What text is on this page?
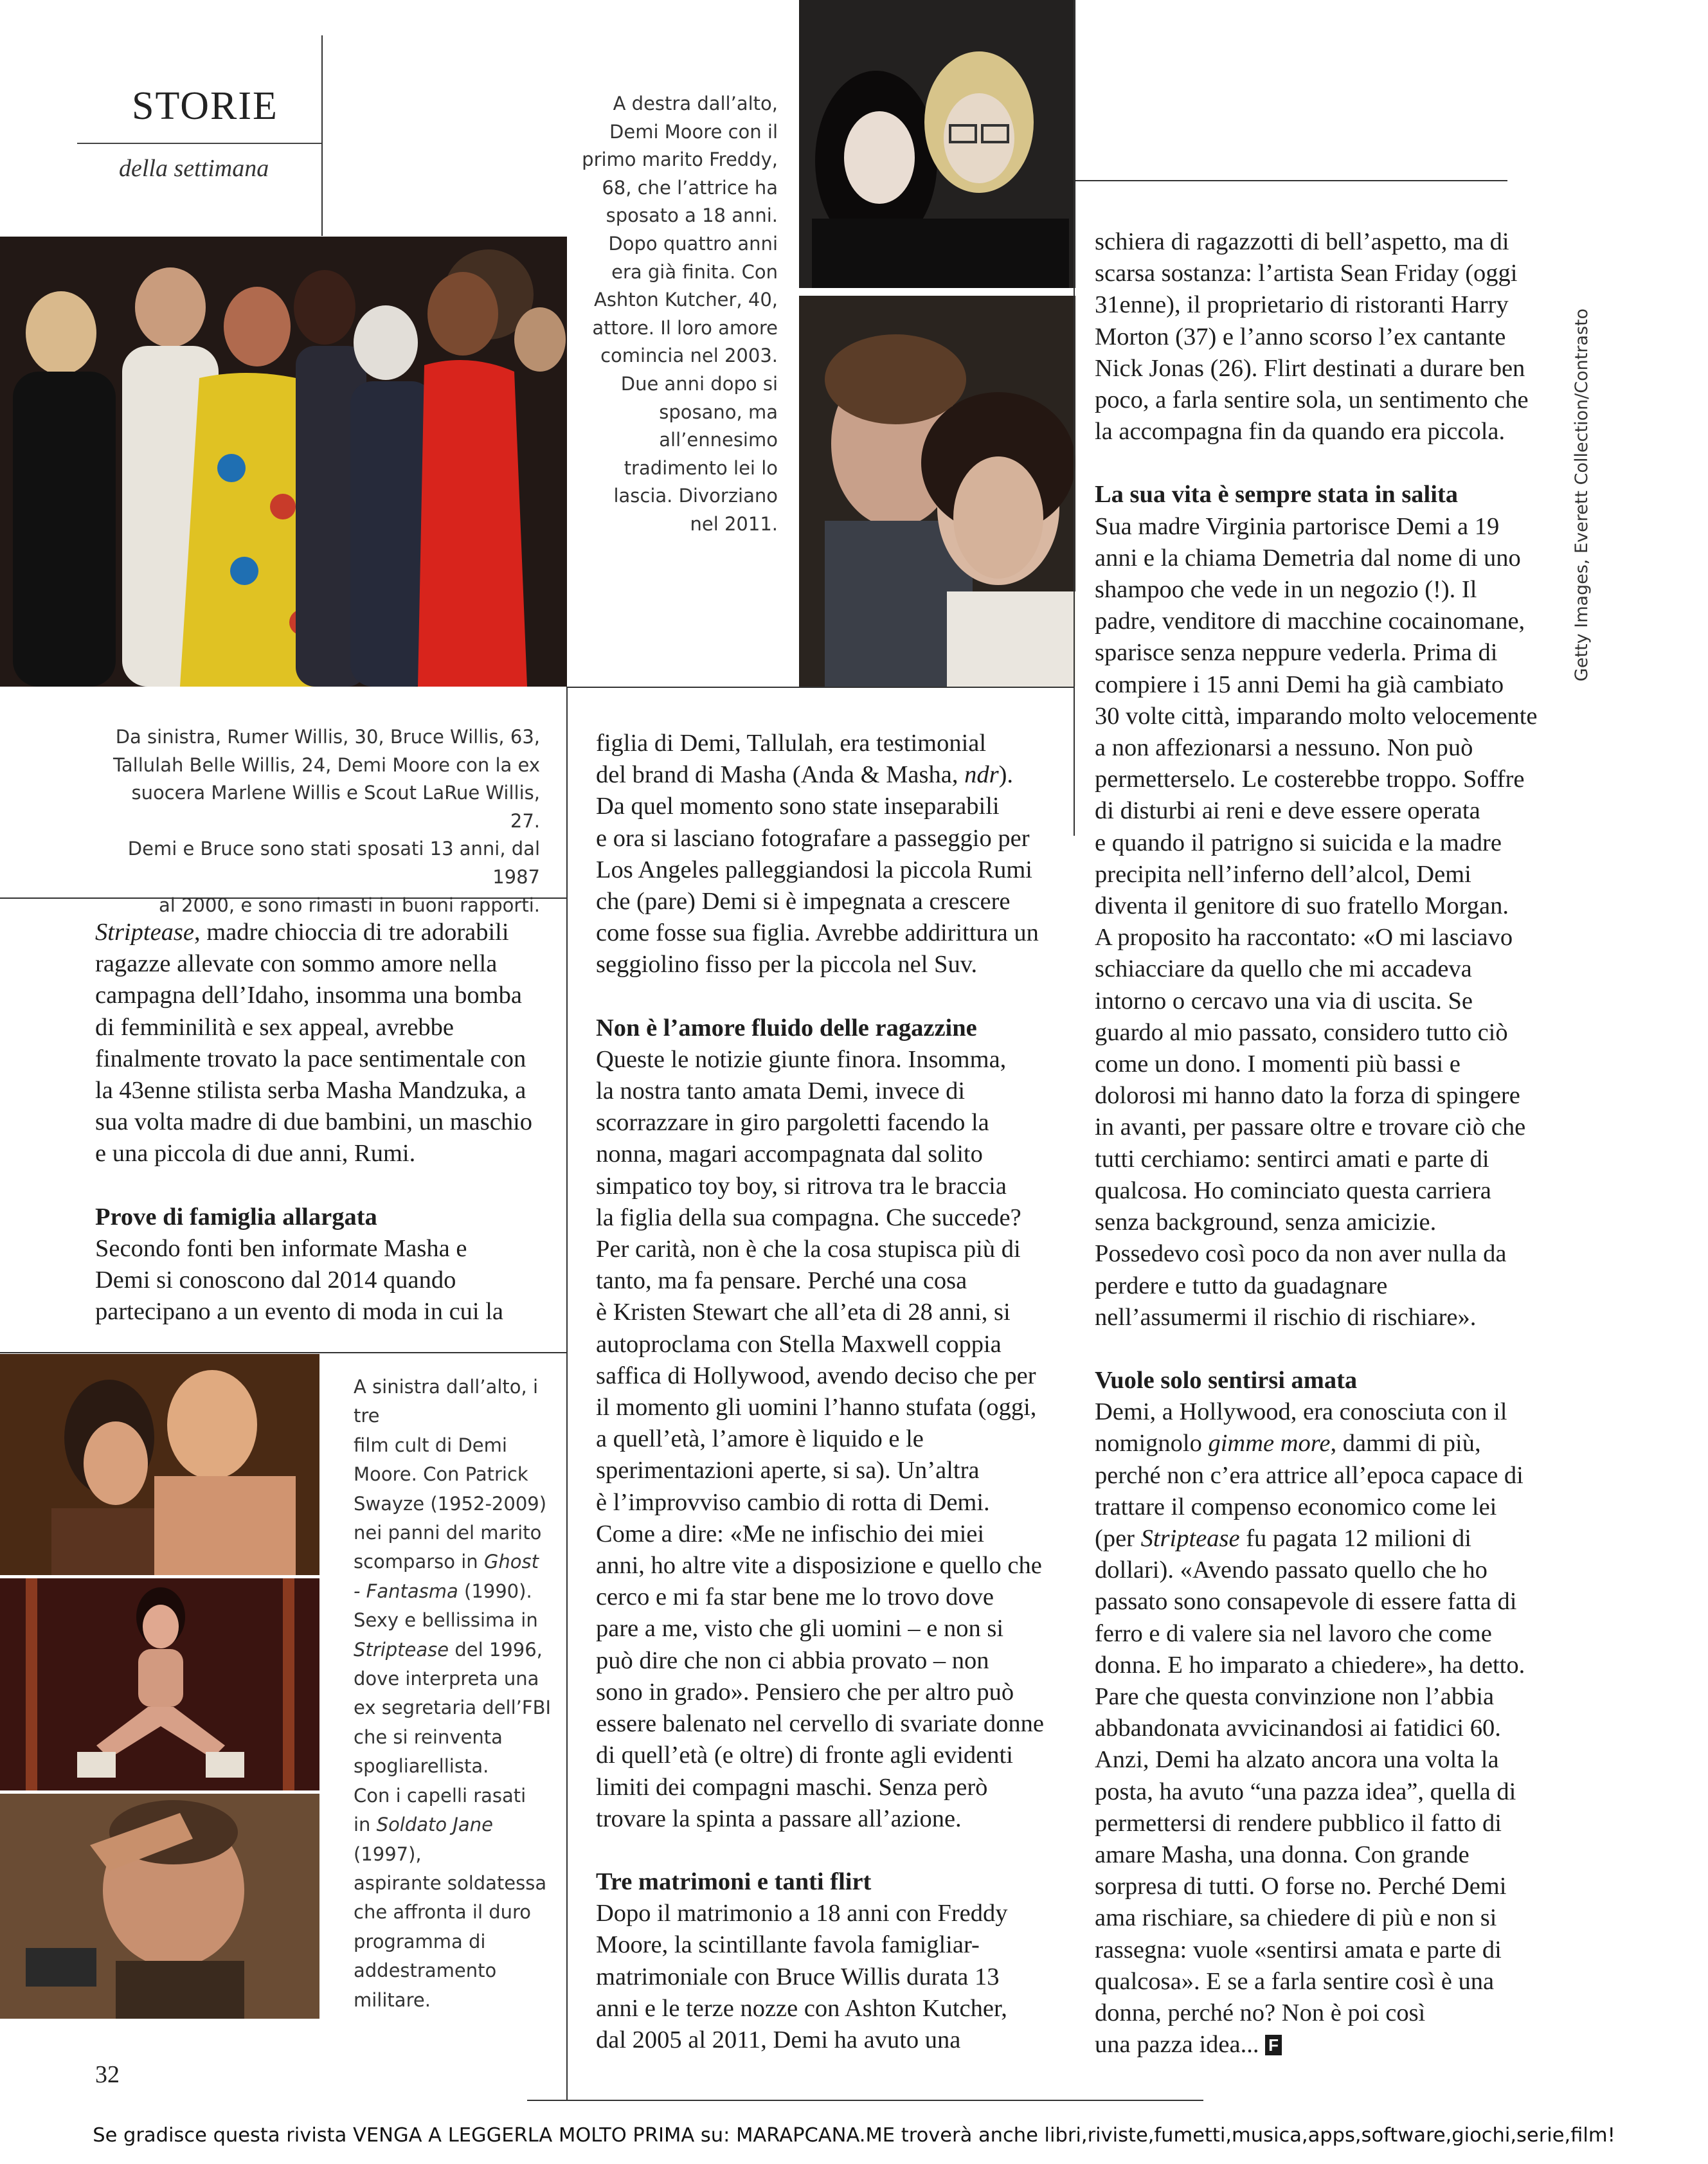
STORIE
della settimana

A destra dall’alto,

Demi Moore con il

primo marito Freddy,

68, che l’attrice ha

sposato a 18 anni.

Dopo quattro anni

era già finita. Con

Ashton Kutcher, 40,

attore. Il loro amore

comincia nel 2003.

Due anni dopo si

sposano, ma

all’ennesimo

tradimento lei lo

lascia. Divorziano

nel 2011.

Da sinistra, Rumer Willis, 30, Bruce Willis, 63,

Tallulah Belle Willis, 24, Demi Moore con la ex

suocera Marlene Willis e Scout LaRue Willis, 27.

Demi e Bruce sono stati sposati 13 anni, dal 1987

al 2000, e sono rimasti in buoni rapporti.

A sinistra dall’alto, i tre

film cult di Demi

Moore. Con Patrick

Swayze (1952-2009)

nei panni del marito

scomparso in Ghost

- Fantasma (1990).

Sexy e bellissima in

Striptease del 1996,

dove interpreta una

ex segretaria dell’FBI

che si reinventa

spogliarellista.

Con i capelli rasati

in Soldato Jane (1997),

aspirante soldatessa

che affronta il duro

programma di

addestramento

militare.

Getty Images, Everett Collection/Contrasto

Striptease, madre chioccia di tre adorabili

ragazze allevate con sommo amore nella

campagna dell’Idaho, insomma una bomba

di femminilità e sex appeal, avrebbe

finalmente trovato la pace sentimentale con

la 43enne stilista serba Masha Mandzuka, a

sua volta madre di due bambini, un maschio

e una piccola di due anni, Rumi.

Prove di famiglia allargata

Secondo fonti ben informate Masha e

Demi si conoscono dal 2014 quando

partecipano a un evento di moda in cui la

figlia di Demi, Tallulah, era testimonial

del brand di Masha (Anda & Masha, ndr).

Da quel momento sono state inseparabili

e ora si lasciano fotografare a passeggio per

Los Angeles palleggiandosi la piccola Rumi

che (pare) Demi si è impegnata a crescere

come fosse sua figlia. Avrebbe addirittura un

seggiolino fisso per la piccola nel Suv.

Non è l’amore fluido delle ragazzine

Queste le notizie giunte finora. Insomma,

la nostra tanto amata Demi, invece di

scorrazzare in giro pargoletti facendo la

nonna, magari accompagnata dal solito

simpatico toy boy, si ritrova tra le braccia

la figlia della sua compagna. Che succede?

Per carità, non è che la cosa stupisca più di

tanto, ma fa pensare. Perché una cosa

è Kristen Stewart che all’eta di 28 anni, si

autoproclama con Stella Maxwell coppia

saffica di Hollywood, avendo deciso che per

il momento gli uomini l’hanno stufata (oggi,

a quell’età, l’amore è liquido e le

sperimentazioni aperte, si sa). Un’altra

è l’improvviso cambio di rotta di Demi.

Come a dire: «Me ne infischio dei miei

anni, ho altre vite a disposizione e quello che

cerco e mi fa star bene me lo trovo dove

pare a me, visto che gli uomini – e non si

può dire che non ci abbia provato – non

sono in grado». Pensiero che per altro può

essere balenato nel cervello di svariate donne

di quell’età (e oltre) di fronte agli evidenti

limiti dei compagni maschi. Senza però

trovare la spinta a passare all’azione.

Tre matrimoni e tanti flirt

Dopo il matrimonio a 18 anni con Freddy

Moore, la scintillante favola famigliar-

matrimoniale con Bruce Willis durata 13

anni e le terze nozze con Ashton Kutcher,

dal 2005 al 2011, Demi ha avuto una

schiera di ragazzotti di bell’aspetto, ma di

scarsa sostanza: l’artista Sean Friday (oggi

31enne), il proprietario di ristoranti Harry

Morton (37) e l’anno scorso l’ex cantante

Nick Jonas (26). Flirt destinati a durare ben

poco, a farla sentire sola, un sentimento che

la accompagna fin da quando era piccola.

La sua vita è sempre stata in salita

Sua madre Virginia partorisce Demi a 19

anni e la chiama Demetria dal nome di uno

shampoo che vede in un negozio (!). Il

padre, venditore di macchine cocainomane,

sparisce senza neppure vederla. Prima di

compiere i 15 anni Demi ha già cambiato

30 volte città, imparando molto velocemente

a non affezionarsi a nessuno. Non può

permetterselo. Le costerebbe troppo. Soffre

di disturbi ai reni e deve essere operata

e quando il patrigno si suicida e la madre

precipita nell’inferno dell’alcol, Demi

diventa il genitore di suo fratello Morgan.

A proposito ha raccontato: «O mi lasciavo

schiacciare da quello che mi accadeva

intorno o cercavo una via di uscita. Se

guardo al mio passato, considero tutto ciò

come un dono. I momenti più bassi e

dolorosi mi hanno dato la forza di spingere

in avanti, per passare oltre e trovare ciò che

tutti cerchiamo: sentirci amati e parte di

qualcosa. Ho cominciato questa carriera

senza background, senza amicizie.

Possedevo così poco da non aver nulla da

perdere e tutto da guadagnare

nell’assumermi il rischio di rischiare».

Vuole solo sentirsi amata

Demi, a Hollywood, era conosciuta con il

nomignolo gimme more, dammi di più,

perché non c’era attrice all’epoca capace di

trattare il compenso economico come lei

(per Striptease fu pagata 12 milioni di

dollari). «Avendo passato quello che ho

passato sono consapevole di essere fatta di

ferro e di valere sia nel lavoro che come

donna. E ho imparato a chiedere», ha detto.

Pare che questa convinzione non l’abbia

abbandonata avvicinandosi ai fatidici 60.

Anzi, Demi ha alzato ancora una volta la

posta, ha avuto “una pazza idea”, quella di

permettersi di rendere pubblico il fatto di

amare Masha, una donna. Con grande

sorpresa di tutti. O forse no. Perché Demi

ama rischiare, sa chiedere di più e non si

rassegna: vuole «sentirsi amata e parte di

qualcosa». E se a farla sentire così è una

donna, perché no? Non è poi così

una pazza idea... F

32
Se gradisce questa rivista VENGA A LEGGERLA MOLTO PRIMA su: MARAPCANA.ME troverà anche libri,riviste,fumetti,musica,apps,software,giochi,serie,film!
